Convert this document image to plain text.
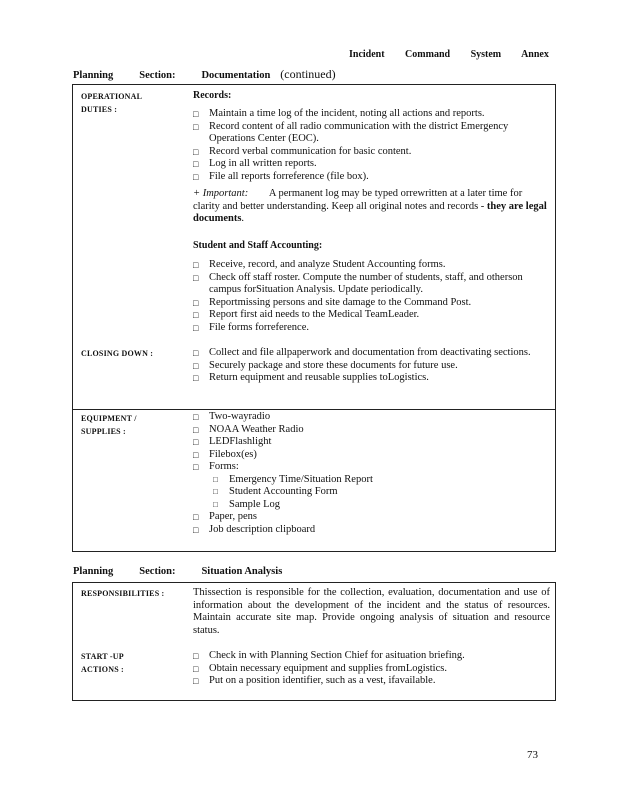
Incident Command System Annex
Planning Section: Documentation (continued)
OPERATIONAL
DUTIES :
Records:
□ Maintain a time log of the incident, noting all actions and reports.
□ Record content of all radio communication with the district Emergency Operations Center (EOC).
□ Record verbal communication for basic content.
□ Log in all written reports.
□ File all reports forreference (file box).
+ Important: A permanent log may be typed orrewritten at a later time for clarity and better understanding. Keep all original notes and records - they are legal documents.
Student and Staff Accounting:
□ Receive, record, and analyze Student Accounting forms.
□ Check off staff roster. Compute the number of students, staff, and otherson campus forSituation Analysis. Update periodically.
□ Reportmissing persons and site damage to the Command Post.
□ Report first aid needs to the Medical TeamLeader.
□ File forms forreference.
CLOSING DOWN :
□	Collect and file allpaperwork and documentation from deactivating sections.
□ Securely package and store these documents for future use.
□ Return equipment and reusable supplies toLogistics.
EQUIPMENT /
SUPPLIES :
□ Two-wayradio
□ NOAA Weather Radio
□ LEDFlashlight
□ Filebox(es)
□ Forms:
□ Emergency Time/Situation Report
□ Student Accounting Form
□ Sample Log
□ Paper, pens
□ Job description clipboard
Planning Section: Situation Analysis
RESPONSIBILITIES :	Thissection is responsible for the collection, evaluation, documentation and use of information about the development of the incident and the status of resources. Maintain accurate site map. Provide ongoing analysis of situation and resource status.
START -UP
ACTIONS :
□ Check in with Planning Section Chief for asituation briefing.
□ Obtain necessary equipment and supplies fromLogistics.
□ Put on a position identifier, such as a vest, ifavailable.
73
